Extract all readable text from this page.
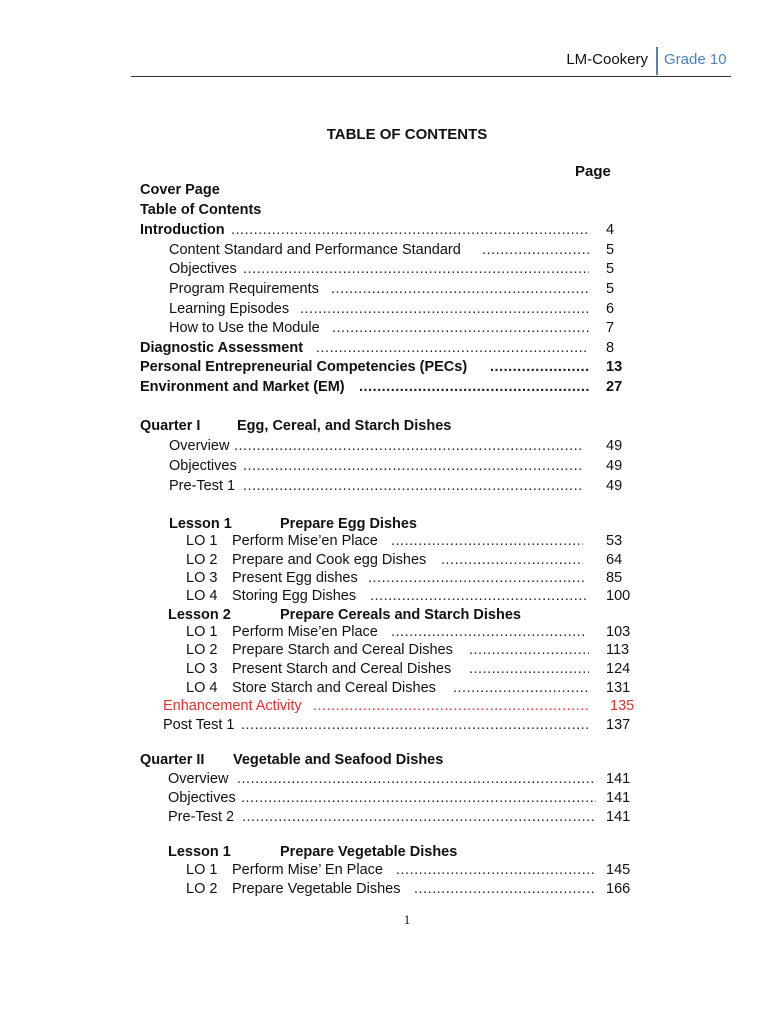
LM-Cookery Grade 10
TABLE OF CONTENTS
Page
Cover Page
Table of Contents
Introduction .....	4
Content Standard and Performance Standard .....	5
Objectives .....	5
Program Requirements .....	5
Learning Episodes .....	6
How to Use the Module .....	7
Diagnostic Assessment .....	8
Personal Entrepreneurial Competencies (PECs) .....	13
Environment and Market (EM) .....	27
Quarter I	Egg, Cereal, and Starch Dishes
Overview .....	49
Objectives .....	49
Pre-Test 1 .....	49
Lesson 1	Prepare Egg Dishes
LO 1 Perform Mise’en Place .....	53
LO 2 Prepare and Cook egg Dishes .....	64
LO 3 Present Egg dishes .....	85
LO 4 Storing Egg Dishes .....	100
Lesson 2	Prepare Cereals and Starch Dishes
LO 1 Perform Mise’en Place .....	103
LO 2 Prepare Starch and Cereal Dishes .....	113
LO 3 Present Starch and Cereal Dishes .....	124
LO 4 Store Starch and Cereal Dishes .....	131
Enhancement Activity .....	135
Post Test 1 .....	137
Quarter II Vegetable and Seafood Dishes
Overview .....	141
Objectives .....	141
Pre-Test 2 .....	141
Lesson 1	Prepare Vegetable Dishes
LO 1 Perform Mise’ En Place .....	145
LO 2 Prepare Vegetable Dishes .....	166
1
